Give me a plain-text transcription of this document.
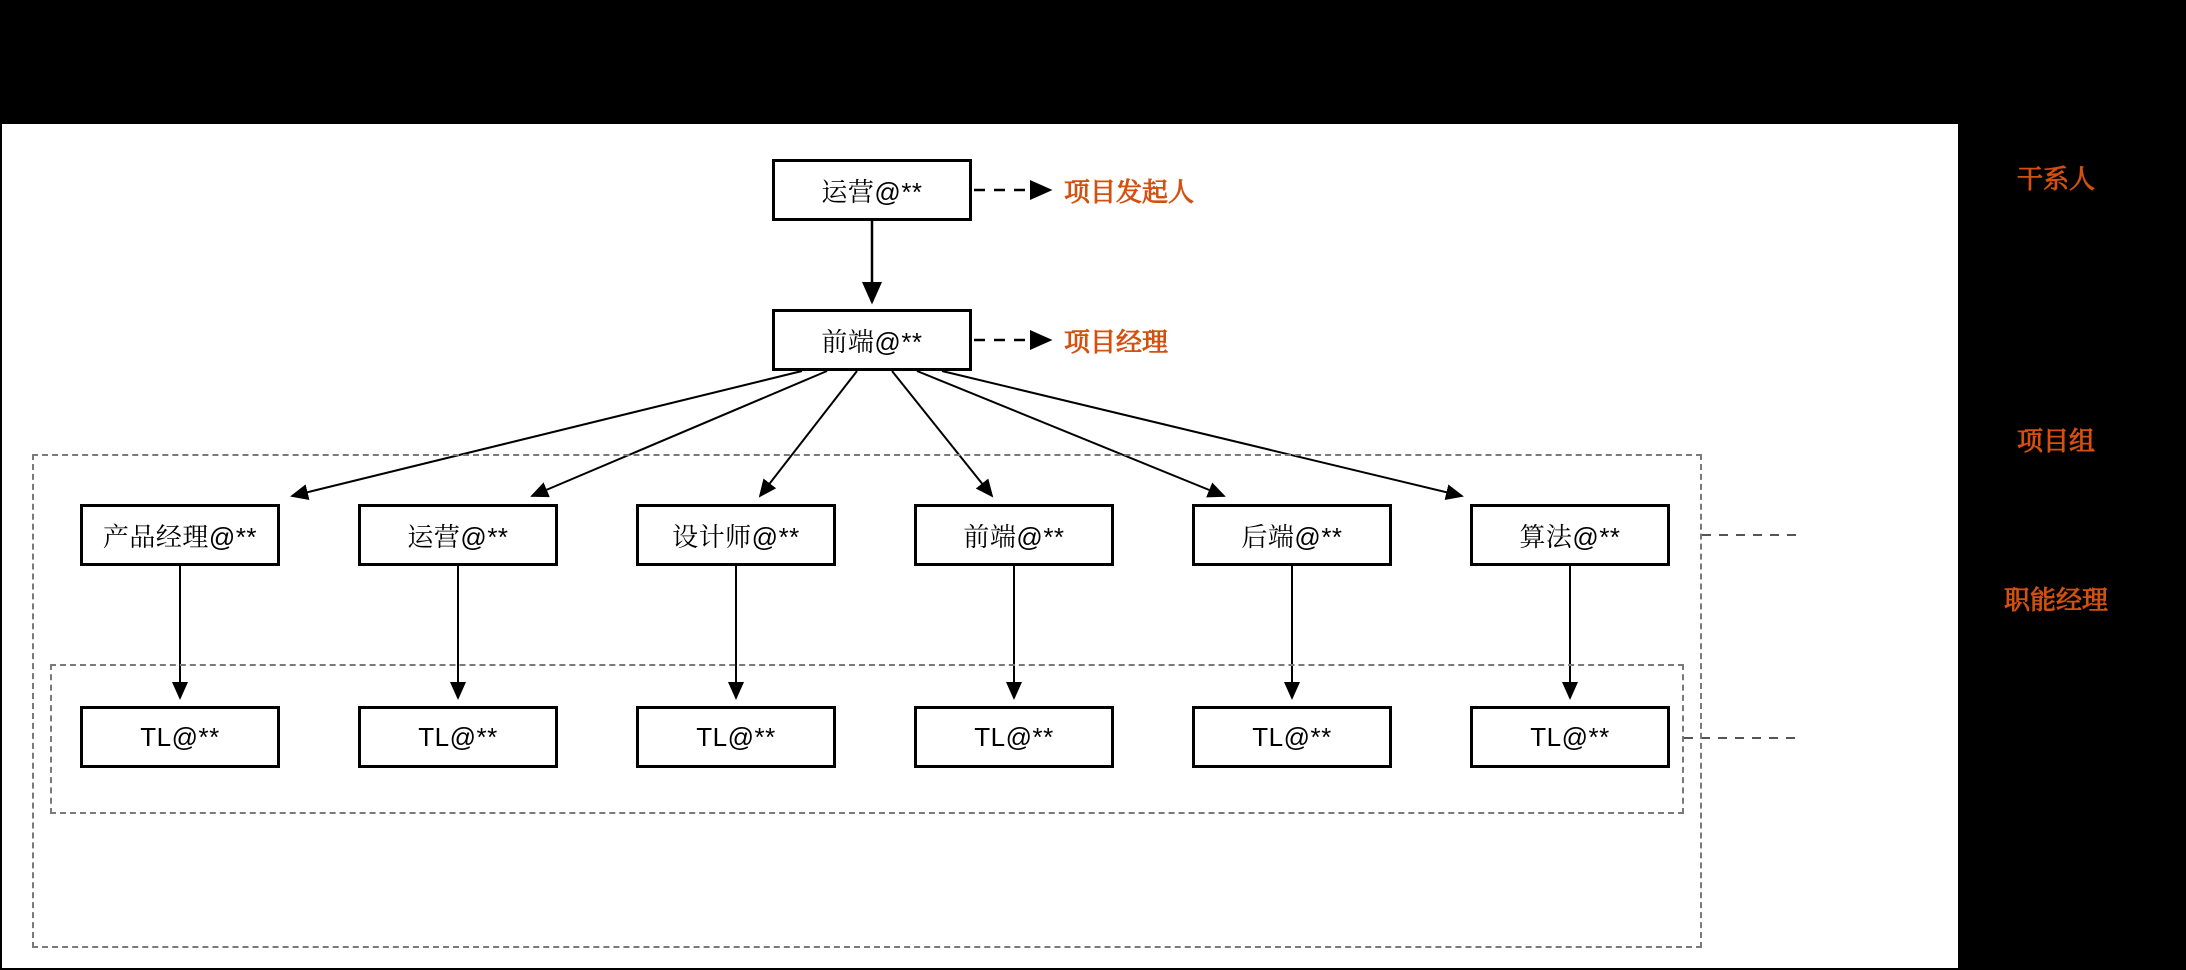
运营@**
前端@**
项目发起人
项目经理
产品经理@**	运营@**	设计师@**	前端@**	后端@**	算法@**
TL@**	TL@**	TL@**	TL@**	TL@**	TL@**
干系人
项目组
职能经理
